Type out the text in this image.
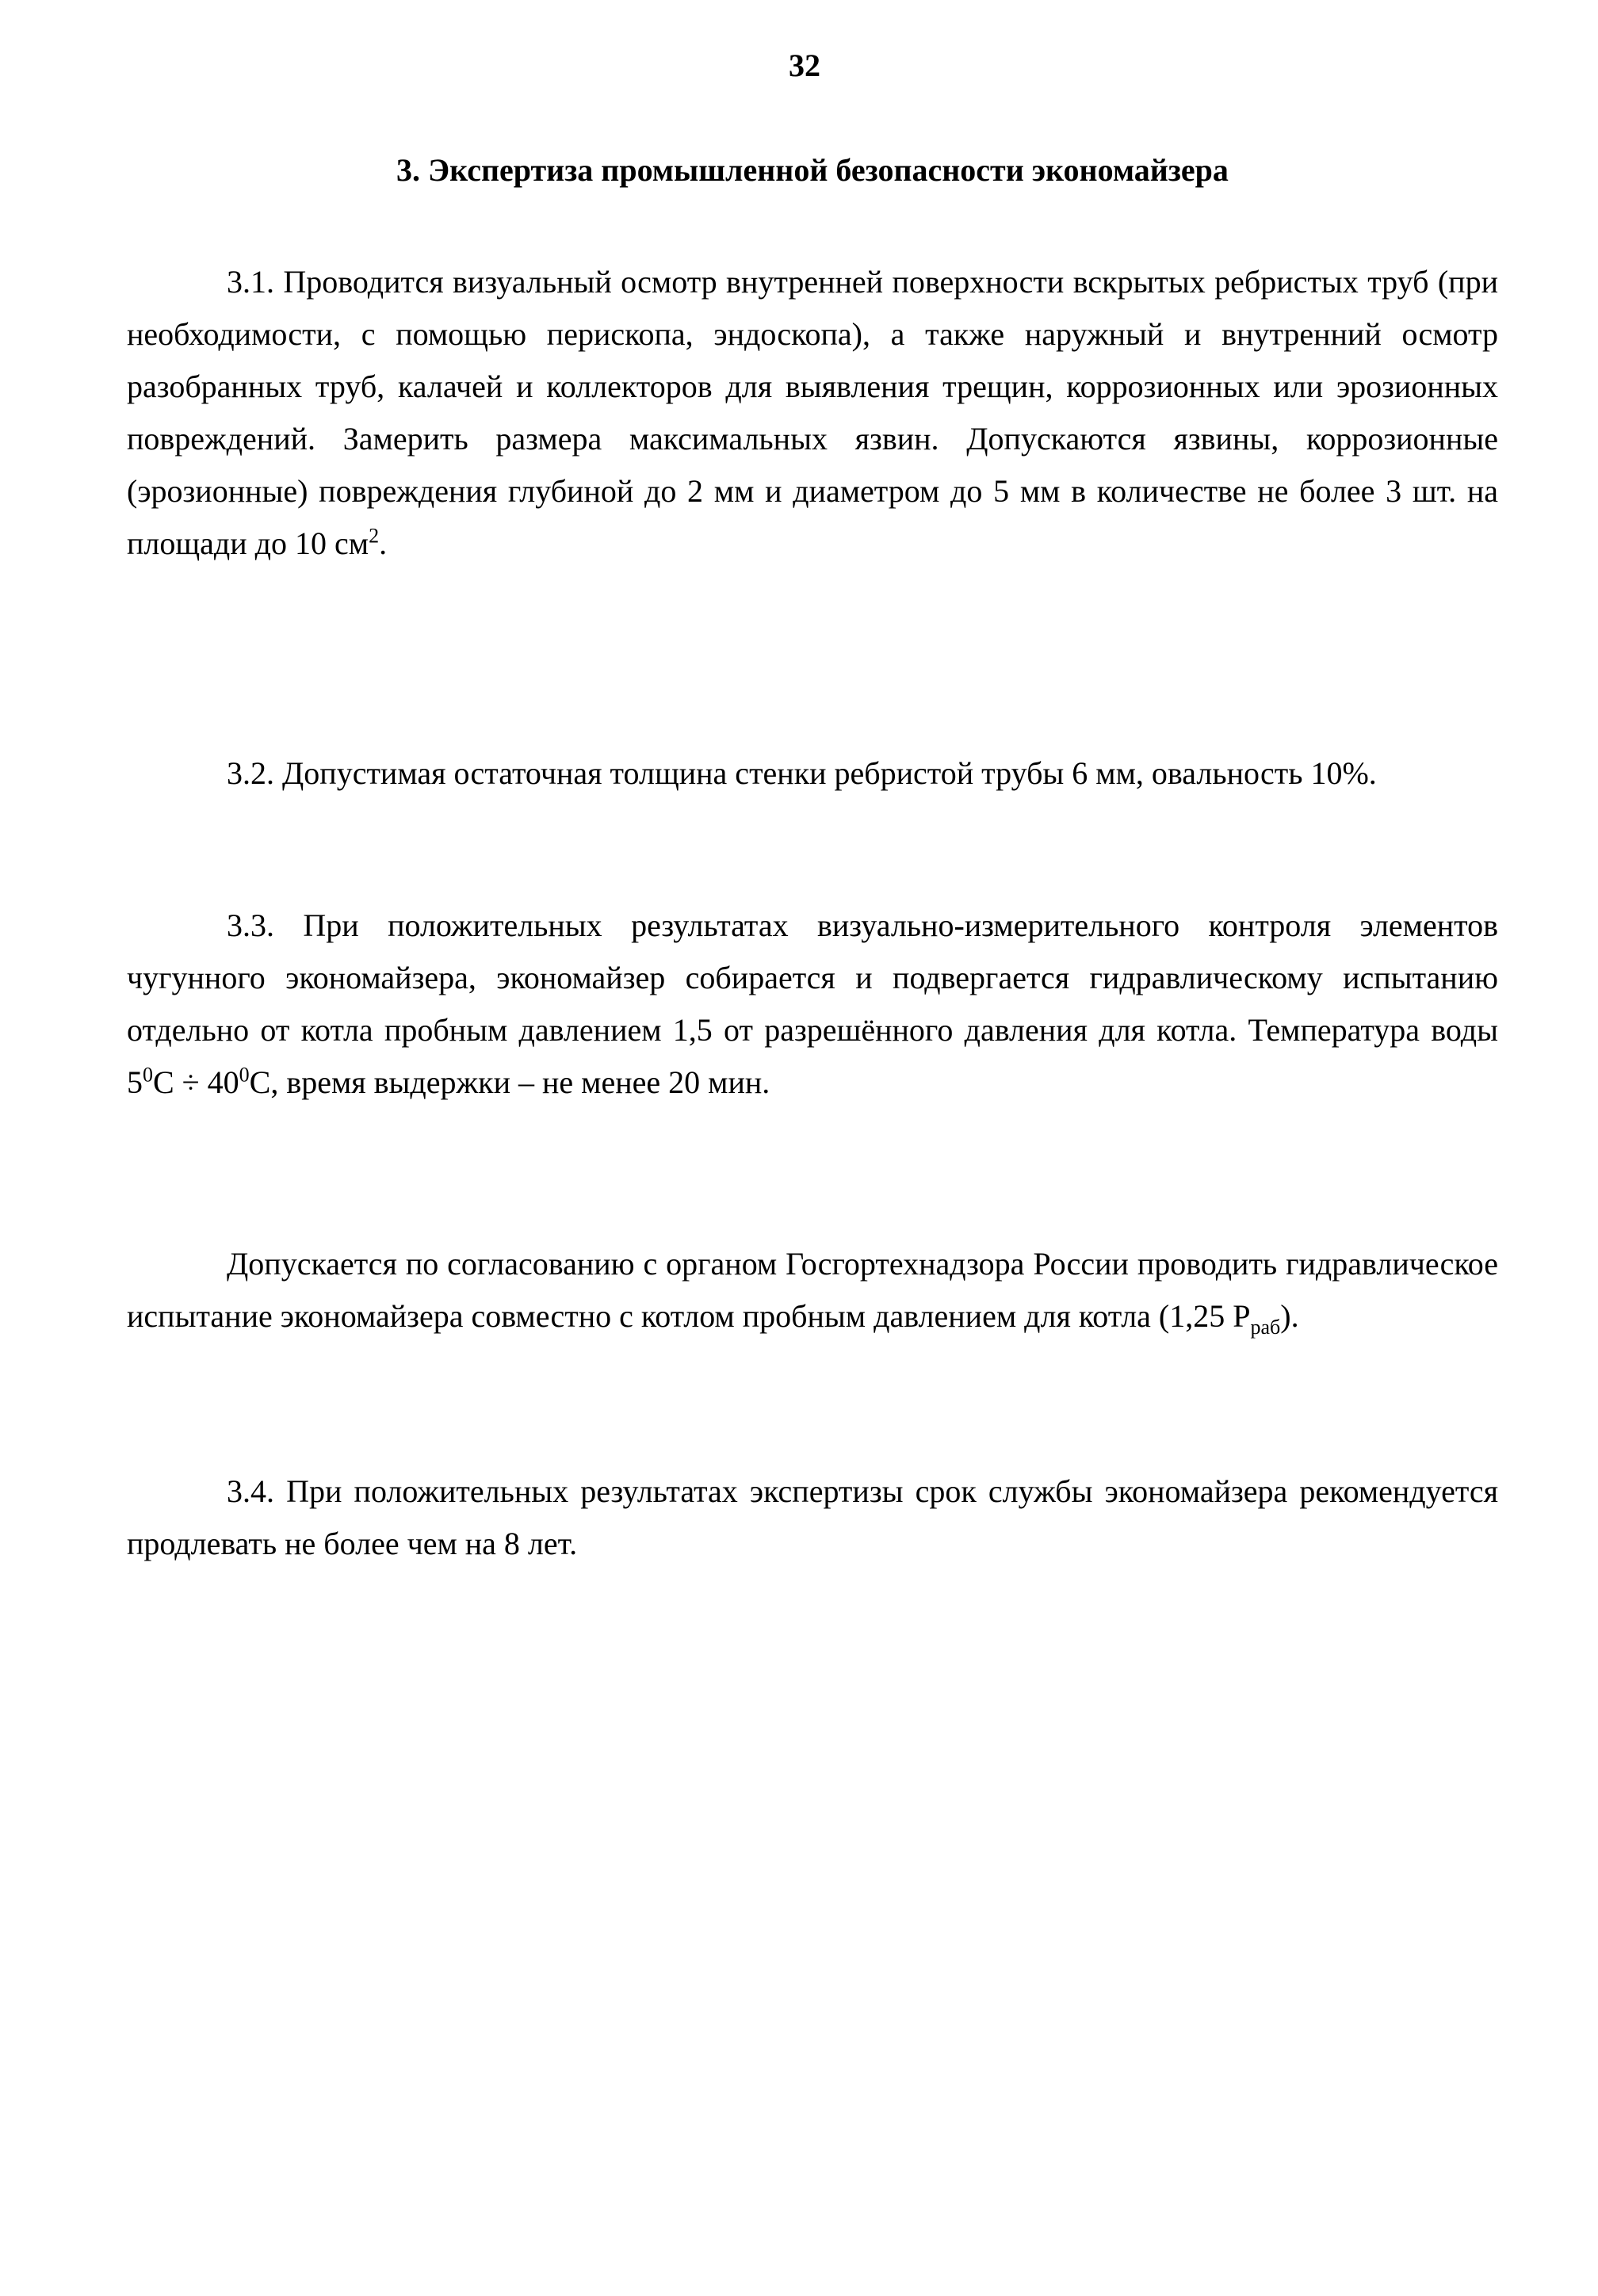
32
3. Экспертиза промышленной безопасности экономайзера

3.1. Проводится визуальный осмотр внутренней поверхности вскрытых ребристых труб (при необходимости, с помощью перископа, эндоскопа), а также наружный и внутренний осмотр разобранных труб, калачей и коллекторов для выявления трещин, коррозионных или эрозионных повреждений. Замерить размера максимальных язвин. Допускаются язвины, коррозионные (эрозионные) повреждения глубиной до 2 мм и диаметром до 5 мм в количестве не более 3 шт. на площади до 10 $см^2$.

3.2. Допустимая остаточная толщина стенки ребристой трубы 6 мм, овальность 10%.

3.3. При положительных результатах визуально-измерительного контроля элементов чугунного экономайзера, экономайзер собирается и подвергается гидравлическому испытанию отдельно от котла пробным давлением 1,5 от разрешённого давления для котла. Температура воды $5^0С \div 40^0С$, время выдержки – не менее 20 мин.

Допускается по согласованию с органом Госгортехнадзора России проводить гидравлическое испытание экономайзера совместно с котлом пробным давлением для котла (1,25 $Р_{раб}$).

3.4. При положительных результатах экспертизы срок службы экономайзера рекомендуется продлевать не более чем на 8 лет.
